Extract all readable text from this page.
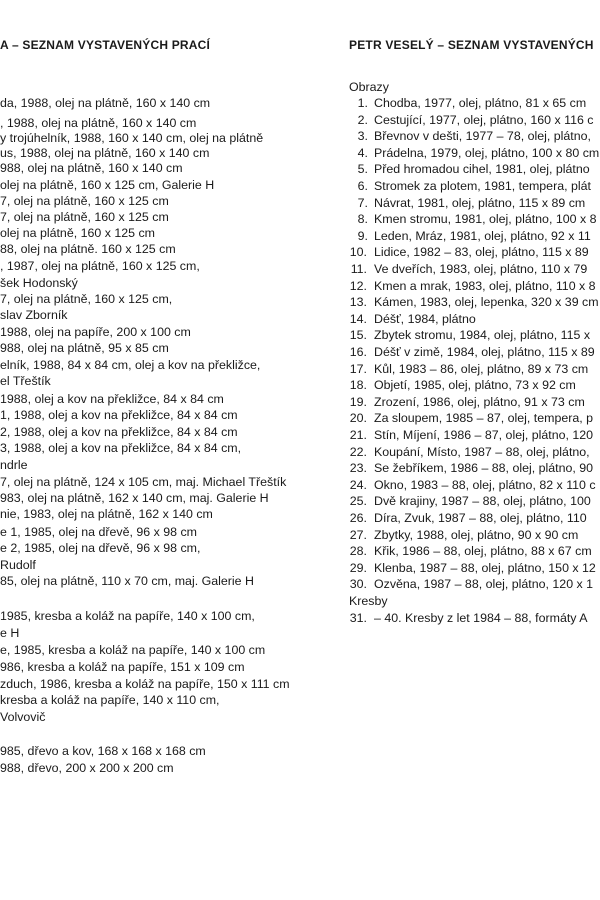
A – SEZNAM VYSTAVENÝCH PRACÍ
da, 1988, olej na plátně, 160 x 140 cm
, 1988, olej na plátně, 160 x 140 cm
y trojúhelník, 1988, 160 x 140 cm, olej na plátně
us, 1988, olej na plátně, 160 x 140 cm
988, olej na plátně, 160 x 140 cm
olej na plátně, 160 x 125 cm, Galerie H
7, olej na plátně, 160 x 125 cm
7, olej na plátně, 160 x 125 cm
olej na plátně, 160 x 125 cm
88, olej na plátně. 160 x 125 cm
, 1987, olej na plátně, 160 x 125 cm,
šek Hodonský
7, olej na plátně, 160 x 125 cm,
slav Zborník
1988, olej na papíře, 200 x 100 cm
988, olej na plátně, 95 x 85 cm
elník, 1988, 84 x 84 cm, olej a kov na překližce,
el Třeštík
1988, olej a kov na překližce, 84 x 84 cm
1, 1988, olej a kov na překližce, 84 x 84 cm
2, 1988, olej a kov na překližce, 84 x 84 cm
3, 1988, olej a kov na překližce, 84 x 84 cm,
ndrle
7, olej na plátně, 124 x 105 cm, maj. Michael Třeštík
983, olej na plátně, 162 x 140 cm, maj. Galerie H
nie, 1983, olej na plátně, 162 x 140 cm
e 1, 1985, olej na dřevě, 96 x 98 cm
e 2, 1985, olej na dřevě, 96 x 98 cm,
Rudolf
85, olej na plátně, 110 x 70 cm, maj. Galerie H
1985, kresba a koláž na papíře, 140 x 100 cm,
e H
e, 1985, kresba a koláž na papíře, 140 x 100 cm
986, kresba a koláž na papíře, 151 x 109 cm
zduch, 1986, kresba a koláž na papíře, 150 x 111 cm
kresba a koláž na papíře, 140 x 110 cm,
Volvovič
985, dřevo a kov, 168 x 168 x 168 cm
988, dřevo, 200 x 200 x 200 cm
PETR VESELÝ – SEZNAM VYSTAVENÝCH
Obrazy
1. Chodba, 1977, olej, plátno, 81 x 65 cm
2. Cestující, 1977, olej, plátno, 160 x 116 c
3. Břevnov v dešti, 1977 – 78, olej, plátno,
4. Prádelna, 1979, olej, plátno, 100 x 80 cm
5. Před hromadou cihel, 1981, olej, plátno
6. Stromek za plotem, 1981, tempera, plát
7. Návrat, 1981, olej, plátno, 115 x 89 cm
8. Kmen stromu, 1981, olej, plátno, 100 x 8
9. Leden, Mráz, 1981, olej, plátno, 92 x 11
10. Lidice, 1982 – 83, olej, plátno, 115 x 89
11. Ve dveřích, 1983, olej, plátno, 110 x 79
12. Kmen a mrak, 1983, olej, plátno, 110 x 8
13. Kámen, 1983, olej, lepenka, 320 x 39 cm
14. Déšť, 1984, plátno
15. Zbytek stromu, 1984, olej, plátno, 115 x
16. Déšť v zimě, 1984, olej, plátno, 115 x 89
17. Kůl, 1983 – 86, olej, plátno, 89 x 73 cm
18. Objetí, 1985, olej, plátno, 73 x 92 cm
19. Zrození, 1986, olej, plátno, 91 x 73 cm
20. Za sloupem, 1985 – 87, olej, tempera, p
21. Stín, Míjení, 1986 – 87, olej, plátno, 120
22. Koupání, Místo, 1987 – 88, olej, plátno,
23. Se žebříkem, 1986 – 88, olej, plátno, 90
24. Okno, 1983 – 88, olej, plátno, 82 x 110 c
25. Dvě krajiny, 1987 – 88, olej, plátno, 100
26. Díra, Zvuk, 1987 – 88, olej, plátno, 110
27. Zbytky, 1988, olej, plátno, 90 x 90 cm
28. Křik, 1986 – 88, olej, plátno, 88 x 67 cm
29. Klenba, 1987 – 88, olej, plátno, 150 x 12
30. Ozvěna, 1987 – 88, olej, plátno, 120 x 1
Kresby
31. – 40. Kresby z let 1984 – 88, formáty A
